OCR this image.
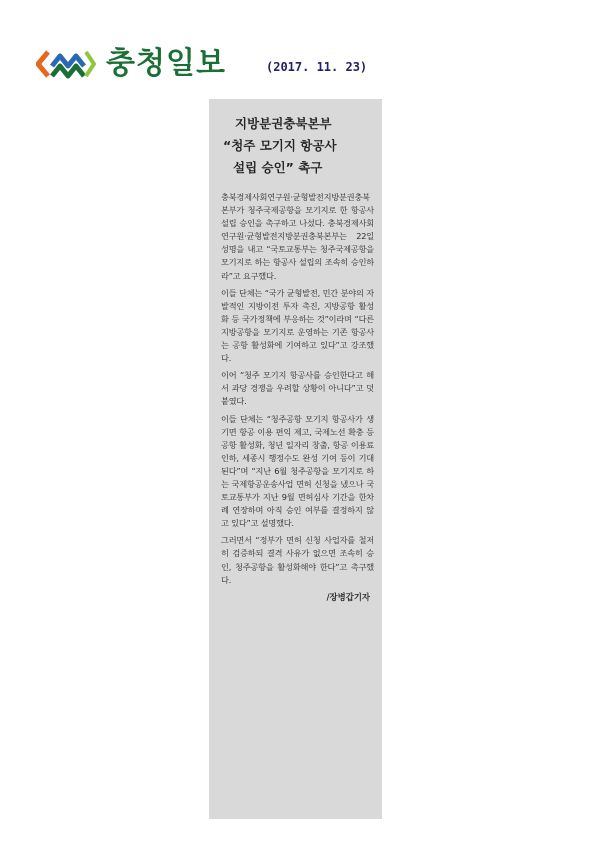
충청일보	(2017. 11. 23)
지방분권충북본부
“청주 모기지 항공사
설립 승인” 촉구

충북경제사회연구원·균형발전지방분권충북본부가 청주국제공항을 모기지로 한 항공사 설립 승인을 촉구하고 나섰다. 충북경제사회연구원·균형발전지방분권충북본부는 22일 성명을 내고 “국토교통부는 청주국제공항을 모기지로 하는 항공사 설립의 조속히 승인하라”고 요구했다.

이들 단체는 “국가 균형발전, 민간 분야의 자발적인 지방이전 투자 촉진, 지방공항 활성화 등 국가정책에 부응하는 것”이라며 “다른 지방공항을 모기지로 운영하는 기존 항공사는 공항 활성화에 기여하고 있다”고 강조했다.

이어 “청주 모기지 항공사를 승인한다고 해서 과당 경쟁을 우려할 상황이 아니다”고 덧붙였다.

이들 단체는 “청주공항 모기지 항공사가 생기면 항공 이용 편익 제고, 국제노선 확충 등 공항 활성화, 청년 일자리 창출, 항공 이용료 인하, 세종시 행정수도 완성 기여 등이 기대된다”며 “지난 6월 청주공항을 모기지로 하는 국제항공운송사업 면허 신청을 냈으나 국토교통부가 지난 9월 면허심사 기간을 한차례 연장하며 아직 승인 여부를 결정하지 않고 있다”고 설명했다.

그러면서 “정부가 면허 신청 사업자를 철저히 검증하되 결격 사유가 없으면 조속히 승인, 청주공항을 활성화해야 한다”고 촉구했다.

/장병갑기자
